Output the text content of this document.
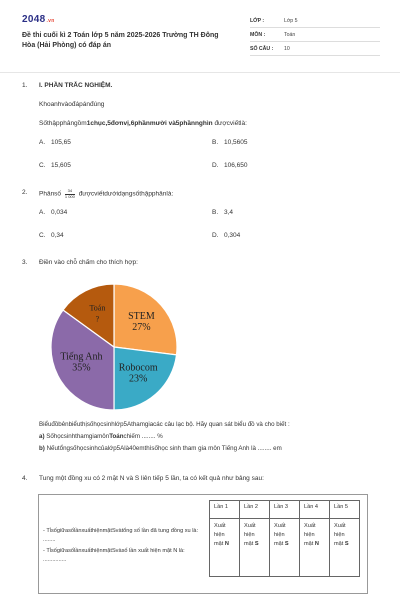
2048.vn
Đề thi cuối kì 2 Toán lớp 5 năm 2025-2026 Trường TH Đông Hòa (Hải Phòng) có đáp án
LỚP :	Lớp 5
MÔN :	Toán
SỐ CÂU :	10
1. I. PHẦN TRẮC NGHIỆM.
Khoanhvàođápánđúng
Sốthậpphângồm1chục,5đơnvị,6phầnmười và5phầnnghìn đượcviếtlà:
A. 105,65	B. 10,5605
C. 15,605	D. 106,650
2. Phânsố $\frac{34}{1 000}$ đượcviếtdướidạngsốthậpphânlà:
A. 0,034	B. 3,4
C. 0,34	D. 0,304
3. Điền vào chỗ chấm cho thích hợp:
STEM
27%
Robocom
23%
Tiếng Anh
35%
Toán
?
Biểuđồbênbiểuthịsốhọcsinhlớp5Athamgiacác câu lạc bộ. Hãy quan sát biểu đồ và cho biết :
a) SốhọcsinhthamgiamônToánchiếm ........ %
b) Nếutổngsốhọcsinhcủalớp5Alà40emthìsốhọc sinh tham gia môn Tiếng Anh là ........ em
4. Tung một đồng xu có 2 mặt N và S liên tiếp 5 lần, ta có kết quả như bảng sau:
- TỉsốgiữasốlầnxuấthiệnmặtSvàtổng số lần đã tung đồng xu là: ........
- TỉsốgiữasốlầnxuấthiệnmặtSvàsố lần xuất hiện mặt N là: ...............
Lần 1	Lần 2	Lần 3	Lần 4	Lần 5
Xuất hiện mặt N	Xuất hiện mặt S	Xuất hiện mặt S	Xuất hiện mặt N	Xuất hiện mặt S
